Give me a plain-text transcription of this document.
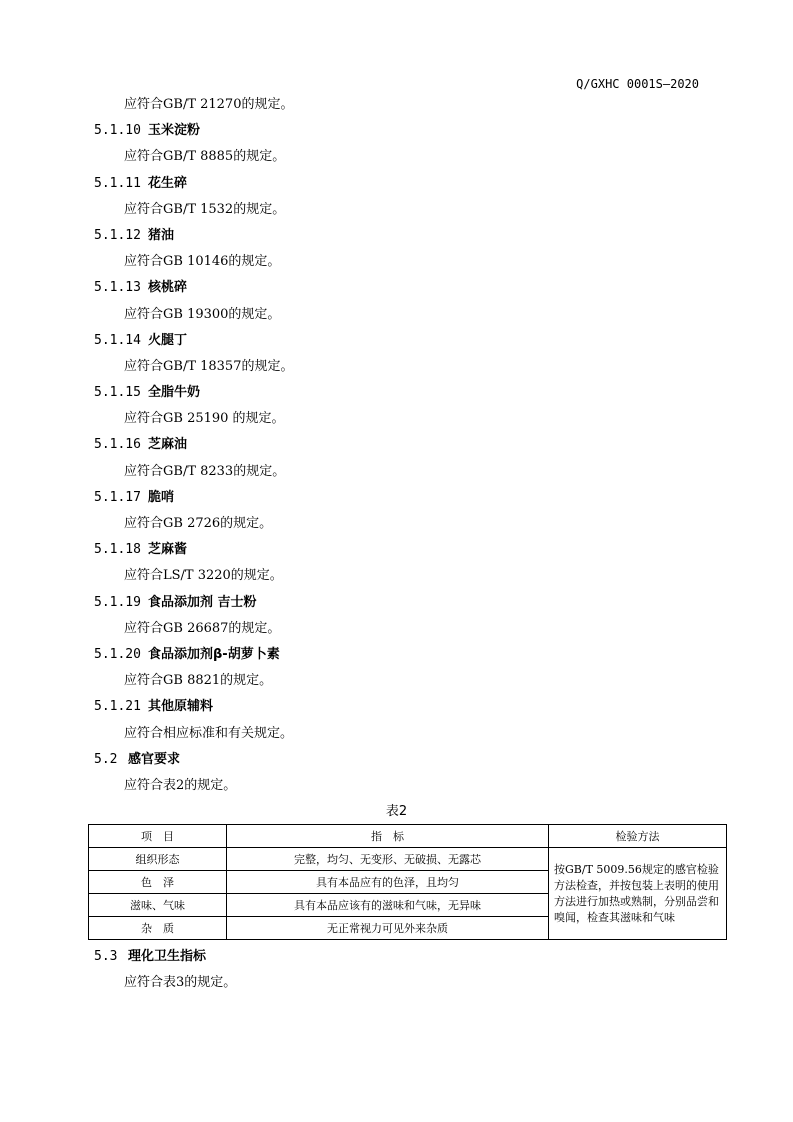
Q/GXHC 0001S—2020
应符合GB/T 21270的规定。
5.1.10 玉米淀粉
应符合GB/T 8885的规定。
5.1.11 花生碎
应符合GB/T 1532的规定。
5.1.12 猪油
应符合GB 10146的规定。
5.1.13 核桃碎
应符合GB 19300的规定。
5.1.14 火腿丁
应符合GB/T 18357的规定。
5.1.15 全脂牛奶
应符合GB 25190 的规定。
5.1.16 芝麻油
应符合GB/T 8233的规定。
5.1.17 脆哨
应符合GB 2726的规定。
5.1.18 芝麻酱
应符合LS/T 3220的规定。
5.1.19 食品添加剂 吉士粉
应符合GB 26687的规定。
5.1.20 食品添加剂β-胡萝卜素
应符合GB 8821的规定。
5.1.21 其他原辅料
应符合相应标准和有关规定。
5.2 感官要求
应符合表2的规定。
表2
项　目	指　标	检验方法
组织形态	完整，均匀、无变形、无破损、无露芯	按GB/T 5009.56规定的感官检验方法检查，并按包装上表明的使用方法进行加热或熟制，分别品尝和嗅闻，检查其滋味和气味
色　泽	具有本品应有的色泽，且均匀	
滋味、气味	具有本品应该有的滋味和气味，无异味	
杂　质	无正常视力可见外来杂质	
5.3 理化卫生指标
应符合表3的规定。
